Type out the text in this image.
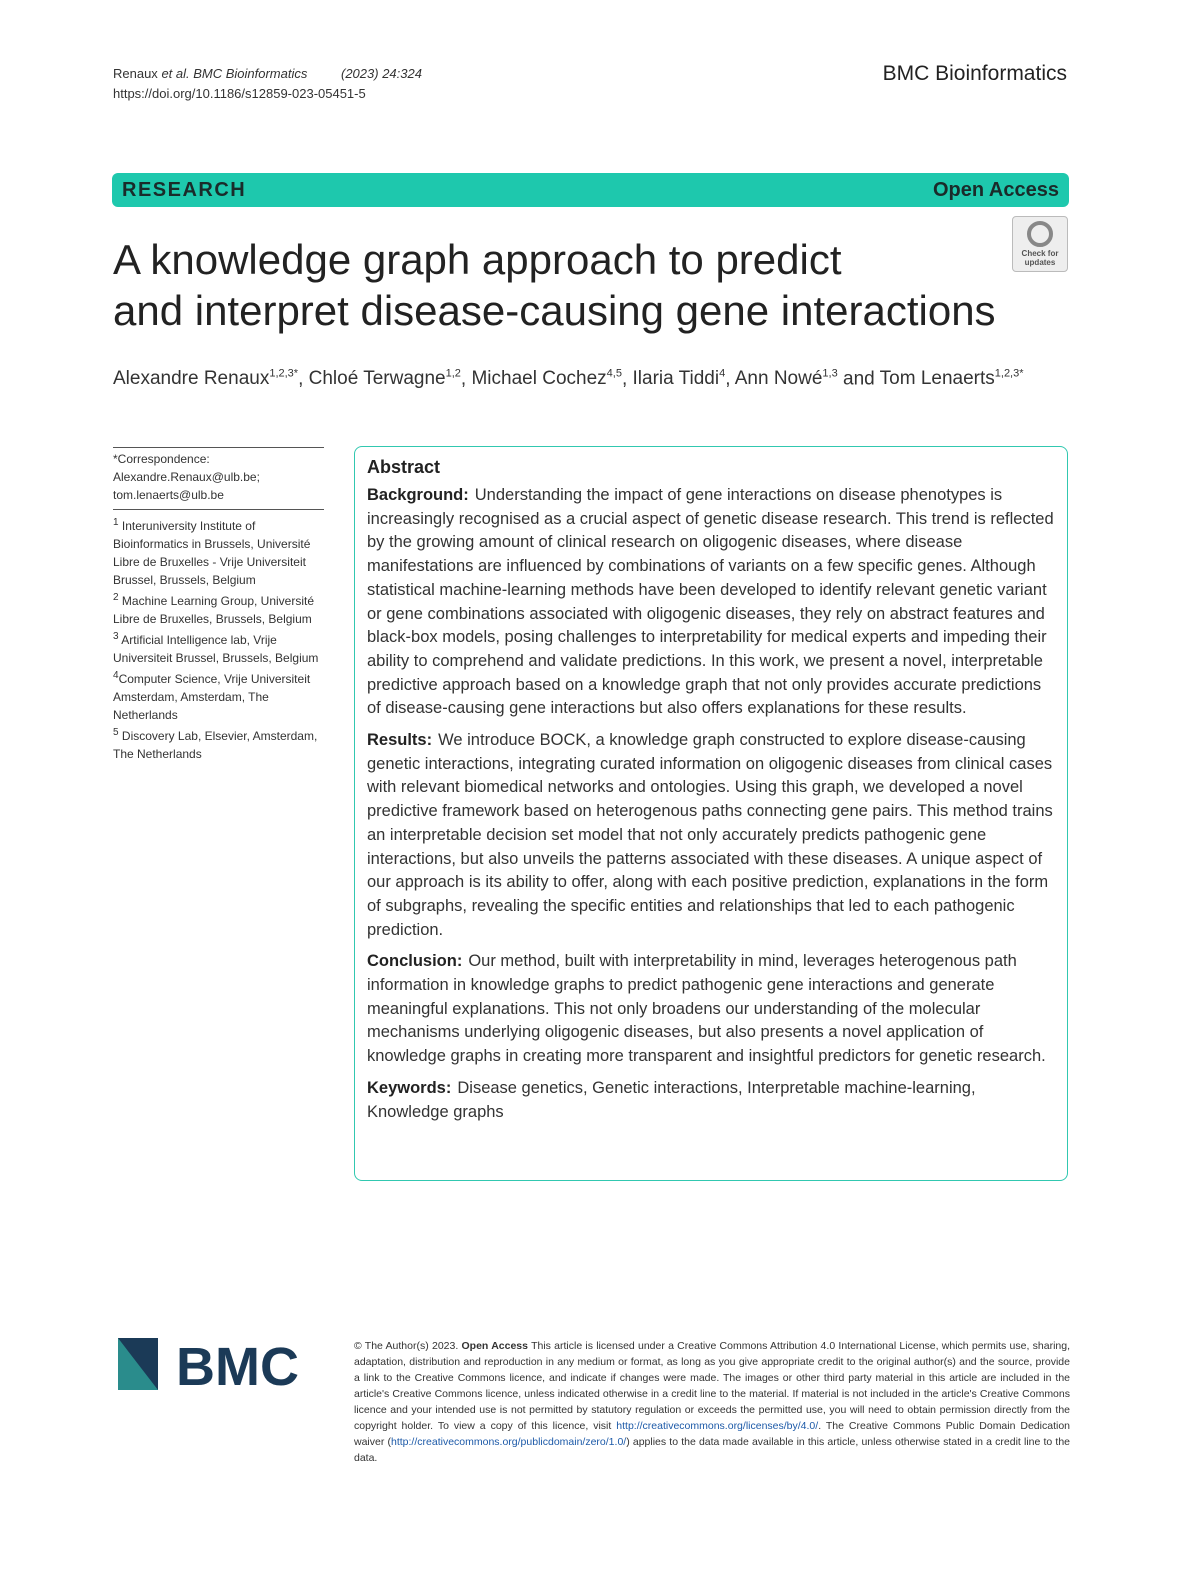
Renaux et al. BMC Bioinformatics	(2023) 24:324
https://doi.org/10.1186/s12859-023-05451-5
BMC Bioinformatics
RESEARCH	Open Access
A knowledge graph approach to predict
and interpret disease-causing gene interactions
Check for
updates
Alexandre Renaux$^{1,2,3*}$, Chloé Terwagne$^{1,2}$, Michael Cochez$^{4,5}$, Ilaria Tiddi$^4$, Ann Nowé$^{1,3}$ and Tom Lenaerts$^{1,2,3*}$
*Correspondence:
Alexandre.Renaux@ulb.be;
tom.lenaerts@ulb.be

$^1$ Interuniversity Institute of Bioinformatics in Brussels, Université Libre de Bruxelles - Vrije Universiteit Brussel, Brussels, Belgium

$^2$ Machine Learning Group, Université Libre de Bruxelles, Brussels, Belgium

$^3$ Artificial Intelligence lab, Vrije Universiteit Brussel, Brussels, Belgium

$^4$Computer Science, Vrije Universiteit Amsterdam, Amsterdam, The Netherlands

$^5$ Discovery Lab, Elsevier, Amsterdam, The Netherlands

Abstract

Background: Understanding the impact of gene interactions on disease phenotypes is increasingly recognised as a crucial aspect of genetic disease research. This trend is reflected by the growing amount of clinical research on oligogenic diseases, where disease manifestations are influenced by combinations of variants on a few specific genes. Although statistical machine-learning methods have been developed to identify relevant genetic variant or gene combinations associated with oligogenic diseases, they rely on abstract features and black-box models, posing challenges to interpretability for medical experts and impeding their ability to comprehend and validate predictions. In this work, we present a novel, interpretable predictive approach based on a knowledge graph that not only provides accurate predictions of disease-causing gene interactions but also offers explanations for these results.

Results: We introduce BOCK, a knowledge graph constructed to explore disease-causing genetic interactions, integrating curated information on oligogenic diseases from clinical cases with relevant biomedical networks and ontologies. Using this graph, we developed a novel predictive framework based on heterogenous paths connecting gene pairs. This method trains an interpretable decision set model that not only accurately predicts pathogenic gene interactions, but also unveils the patterns associated with these diseases. A unique aspect of our approach is its ability to offer, along with each positive prediction, explanations in the form of subgraphs, revealing the specific entities and relationships that led to each pathogenic prediction.

Conclusion: Our method, built with interpretability in mind, leverages heterogenous path information in knowledge graphs to predict pathogenic gene interactions and generate meaningful explanations. This not only broadens our understanding of the molecular mechanisms underlying oligogenic diseases, but also presents a novel application of knowledge graphs in creating more transparent and insightful predictors for genetic research.

Keywords: Disease genetics, Genetic interactions, Interpretable machine-learning, Knowledge graphs

BMC	© The Author(s) 2023. Open Access This article is licensed under a Creative Commons Attribution 4.0 International License, which permits use, sharing, adaptation, distribution and reproduction in any medium or format, as long as you give appropriate credit to the original author(s) and the source, provide a link to the Creative Commons licence, and indicate if changes were made. The images or other third party material in this article are included in the article's Creative Commons licence, unless indicated otherwise in a credit line to the material. If material is not included in the article's Creative Commons licence and your intended use is not permitted by statutory regulation or exceeds the permitted use, you will need to obtain permission directly from the copyright holder. To view a copy of this licence, visit http://creativecommons.org/licenses/by/4.0/. The Creative Commons Public Domain Dedication waiver (http://creativecommons.org/publicdomain/zero/1.0/) applies to the data made available in this article, unless otherwise stated in a credit line to the data.
